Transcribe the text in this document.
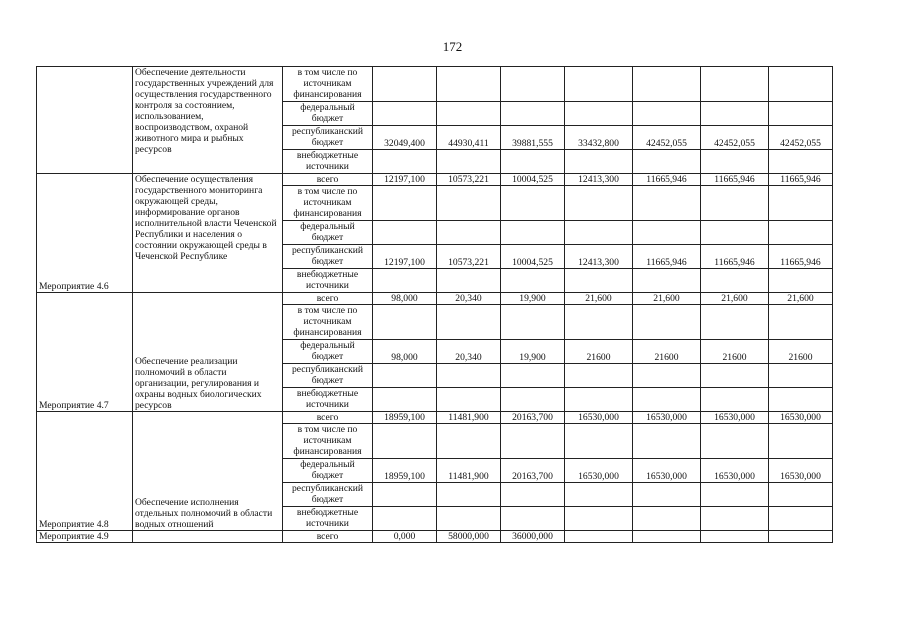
172
	Обеспечение деятельности государственных учреждений для осуществления государственного контроля за состоянием, использованием, воспроизводством, охраной животного мира и рыбных ресурсов	в том числе по источникам финансирования							
		федеральный бюджет							
		республиканский бюджет	32049,400	44930,411	39881,555	33432,800	42452,055	42452,055	42452,055
		внебюджетные источники							
Мероприятие 4.6	Обеспечение осуществления государственного мониторинга окружающей среды, информирование органов исполнительной власти Чеченской Республики и населения о состоянии окружающей среды в Чеченской Республике	всего	12197,100	10573,221	10004,525	12413,300	11665,946	11665,946	11665,946
		в том числе по источникам финансирования							
		федеральный бюджет							
		республиканский бюджет	12197,100	10573,221	10004,525	12413,300	11665,946	11665,946	11665,946
		внебюджетные источники							
Мероприятие 4.7	Обеспечение реализации полномочий в области организации, регулирования и охраны водных биологических ресурсов	всего	98,000	20,340	19,900	21,600	21,600	21,600	21,600
		в том числе по источникам финансирования							
		федеральный бюджет	98,000	20,340	19,900	21600	21600	21600	21600
		республиканский бюджет							
		внебюджетные источники							
Мероприятие 4.8	Обеспечение исполнения отдельных полномочий в области водных отношений	всего	18959,100	11481,900	20163,700	16530,000	16530,000	16530,000	16530,000
		в том числе по источникам финансирования							
		федеральный бюджет	18959,100	11481,900	20163,700	16530,000	16530,000	16530,000	16530,000
		республиканский бюджет							
		внебюджетные источники							
Мероприятие 4.9		всего	0,000	58000,000	36000,000				
